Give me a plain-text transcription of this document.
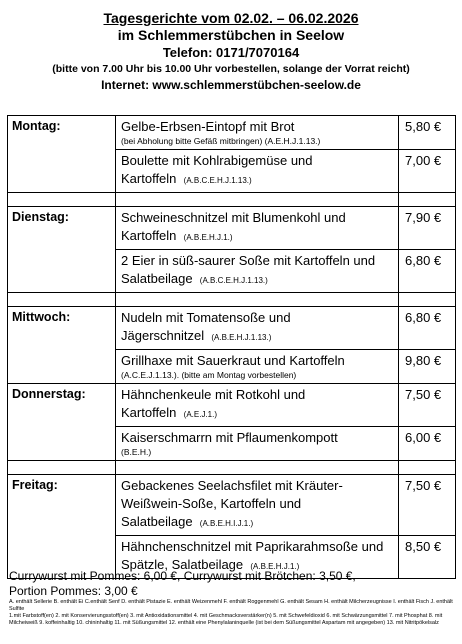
Tagesgerichte vom 02.02. – 06.02.2026
im Schlemmerstübchen in Seelow
Telefon: 0171/7070164
(bitte von 7.00 Uhr bis 10.00 Uhr vorbestellen, solange der Vorrat reicht)
Internet: www.schlemmerstübchen-seelow.de
Montag:	Gelbe-Erbsen-Eintopf mit Brot
(bei Abholung bitte Gefäß mitbringen) (A.E.H.J.1.13.)	5,80 €

	Boulette mit Kohlrabigemüse und Kartoffeln (A.B.C.E.H.J.1.13.)	7,00 €

Dienstag:	Schweineschnitzel mit Blumenkohl und Kartoffeln (A.B.E.H.J.1.)	7,90 €

	2 Eier in süß-saurer Soße mit Kartoffeln und Salatbeilage (A.B.C.E.H.J.1.13.)	6,80 €

Mittwoch:	Nudeln mit Tomatensoße und Jägerschnitzel (A.B.E.H.J.1.13.)	6,80 €

	Grillhaxe mit Sauerkraut und Kartoffeln
(A.C.E.J.1.13.). (bitte am Montag vorbestellen)	9,80 €
Donnerstag:	Hähnchenkeule mit Rotkohl und Kartoffeln (A.E.J.1.)	7,50 €

	Kaiserschmarrn mit Pflaumenkompott
(B.E.H.)	6,00 €

Freitag:	Gebackenes Seelachsfilet mit Kräuter-Weißwein-Soße, Kartoffeln und Salatbeilage (A.B.E.H.I.J.1.)	7,50 €

	Hähnchenschnitzel mit Paprikarahmsoße und Spätzle, Salatbeilage (A.B.E.H.J.1.)	8,50 €
Currywurst mit Pommes: 6,00 €, Currywurst mit Brötchen: 3,50 €,
Portion Pommes: 3,00 €
A. enthält Sellerie B. enthält Ei C.enthält Senf D. enthält Pistazie E. enthält Weizenmehl F. enthält Roggenmehl G. enthält Sesam H. enthält Milcherzeugnisse I. enthält Fisch J. enthält Sulfite
1.mit Farbstoff(en) 2. mit Konservierungsstoff(en) 3. mit Antioxidationsmittel 4. mit Geschmacksverstärker(n) 5. mit Schwefeldioxid 6. mit Schwärzungsmittel 7. mit Phosphat 8. mit Milcheiweiß 9. koffeinhaltig 10. chininhaltig 11. mit Süßungsmittel 12. enthält eine Phenylalaninquelle (ist bei dem Süßungsmittel Aspartam mit angegeben) 13. mit Nitritpökelsalz
